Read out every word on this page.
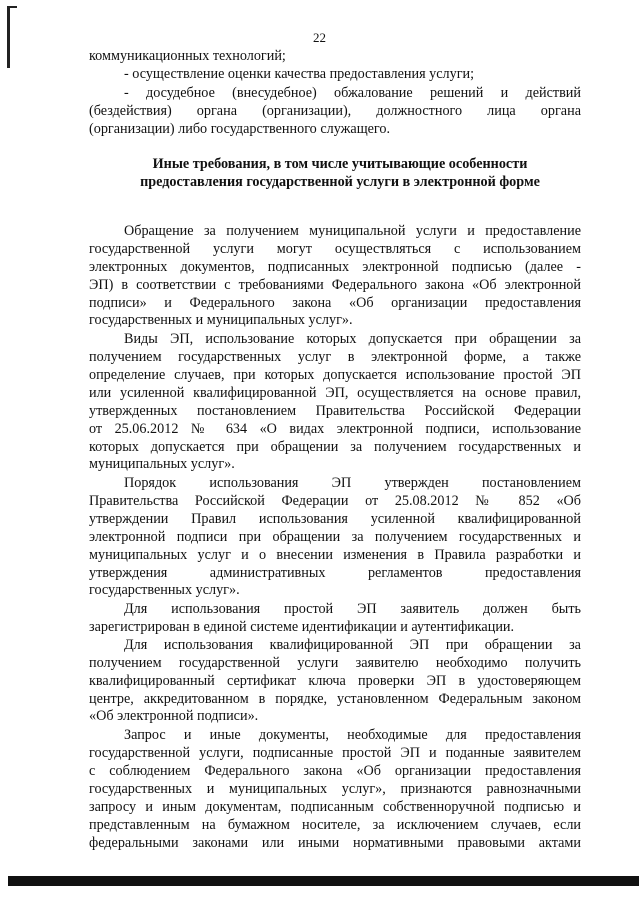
22
коммуникационных технологий;
- осуществление оценки качества предоставления услуги;
- досудебное (внесудебное) обжалование решений и действий
(бездействия) органа (организации), должностного лица органа
(организации) либо государственного служащего.
Иные требования, в том числе учитывающие особенности
предоставления государственной услуги в электронной форме
Обращение за получением муниципальной услуги и предоставление
государственной услуги могут осуществляться с использованием
электронных документов, подписанных электронной подписью (далее -
ЭП) в соответствии с требованиями Федерального закона «Об электронной
подписи» и Федерального закона «Об организации предоставления
государственных и муниципальных услуг».
Виды ЭП, использование которых допускается при обращении за
получением государственных услуг в электронной форме, а также
определение случаев, при которых допускается использование простой ЭП
или усиленной квалифицированной ЭП, осуществляется на основе правил,
утвержденных постановлением Правительства Российской Федерации
от 25.06.2012 № 634 «О видах электронной подписи, использование
которых допускается при обращении за получением государственных и
муниципальных услуг».
Порядок использования ЭП утвержден постановлением
Правительства Российской Федерации от 25.08.2012 № 852 «Об
утверждении Правил использования усиленной квалифицированной
электронной подписи при обращении за получением государственных и
муниципальных услуг и о внесении изменения в Правила разработки и
утверждения административных регламентов предоставления
государственных услуг».
Для использования простой ЭП заявитель должен быть
зарегистрирован в единой системе идентификации и аутентификации.
Для использования квалифицированной ЭП при обращении за
получением государственной услуги заявителю необходимо получить
квалифицированный сертификат ключа проверки ЭП в удостоверяющем
центре, аккредитованном в порядке, установленном Федеральным законом
«Об электронной подписи».
Запрос и иные документы, необходимые для предоставления
государственной услуги, подписанные простой ЭП и поданные заявителем
с соблюдением Федерального закона «Об организации предоставления
государственных и муниципальных услуг», признаются равнозначными
запросу и иным документам, подписанным собственноручной подписью и
представленным на бумажном носителе, за исключением случаев, если
федеральными законами или иными нормативными правовыми актами
